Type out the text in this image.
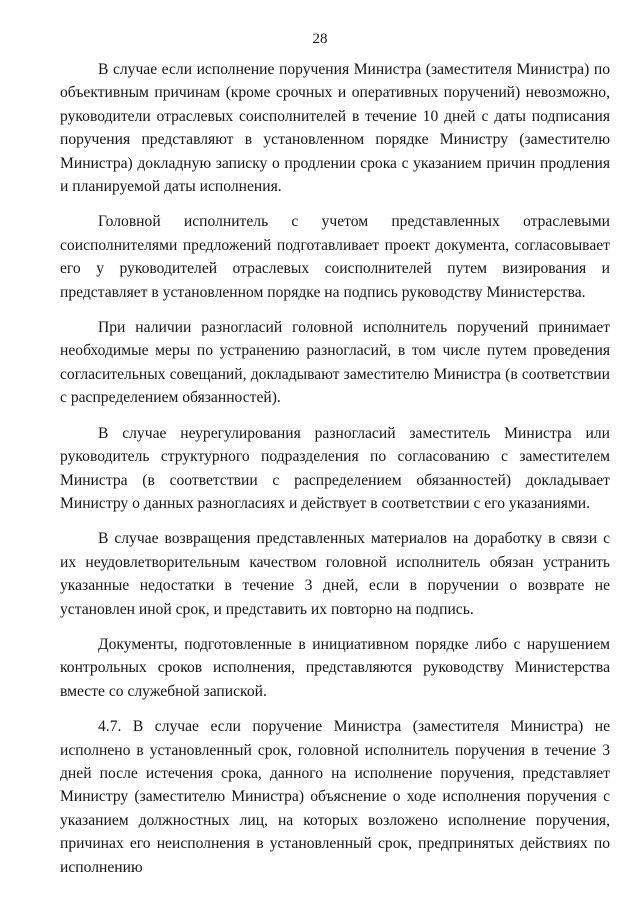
28

В случае если исполнение поручения Министра (заместителя Министра) по объективным причинам (кроме срочных и оперативных поручений) невозможно, руководители отраслевых соисполнителей в течение 10 дней с даты подписания поручения представляют в установленном порядке Министру (заместителю Министра) докладную записку о продлении срока с указанием причин продления и планируемой даты исполнения.

Головной исполнитель с учетом представленных отраслевыми соисполнителями предложений подготавливает проект документа, согласовывает его у руководителей отраслевых соисполнителей путем визирования и представляет в установленном порядке на подпись руководству Министерства.

При наличии разногласий головной исполнитель поручений принимает необходимые меры по устранению разногласий, в том числе путем проведения согласительных совещаний, докладывают заместителю Министра (в соответствии с распределением обязанностей).

В случае неурегулирования разногласий заместитель Министра или руководитель структурного подразделения по согласованию с заместителем Министра (в соответствии с распределением обязанностей) докладывает Министру о данных разногласиях и действует в соответствии с его указаниями.

В случае возвращения представленных материалов на доработку в связи с их неудовлетворительным качеством головной исполнитель обязан устранить указанные недостатки в течение 3 дней, если в поручении о возврате не установлен иной срок, и представить их повторно на подпись.

Документы, подготовленные в инициативном порядке либо с нарушением контрольных сроков исполнения, представляются руководству Министерства вместе со служебной запиской.

4.7. В случае если поручение Министра (заместителя Министра) не исполнено в установленный срок, головной исполнитель поручения в течение 3 дней после истечения срока, данного на исполнение поручения, представляет Министру (заместителю Министра) объяснение о ходе исполнения поручения с указанием должностных лиц, на которых возложено исполнение поручения, причинах его неисполнения в установленный срок, предпринятых действиях по исполнению
